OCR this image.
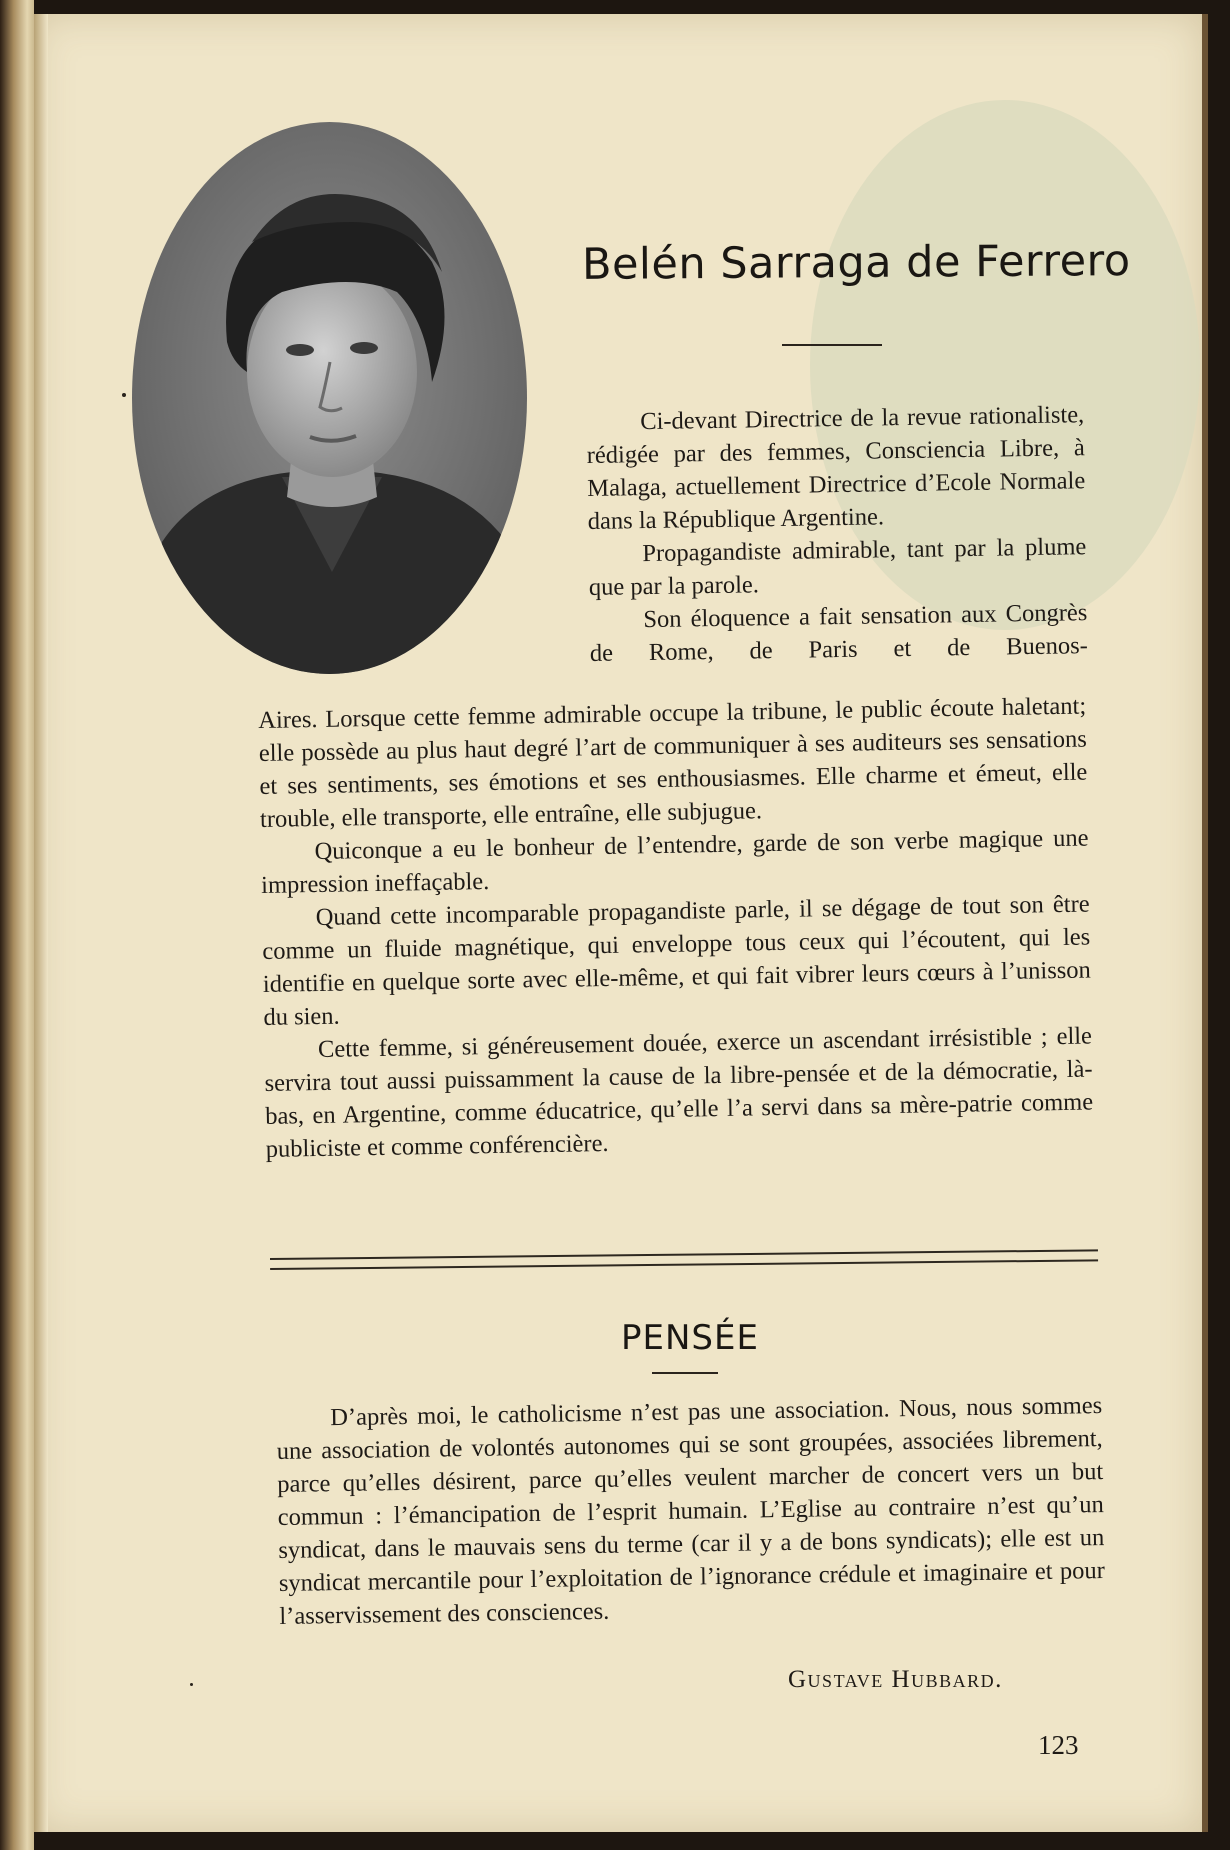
Belén Sarraga de Ferrero

Ci-devant Directrice de la revue rationaliste, rédigée par des femmes, Consciencia Libre, à Malaga, actuellement Directrice d’Ecole Normale dans la République Argentine.

Propagandiste admirable, tant par la plume que par la parole.

Son éloquence a fait sensation aux Congrès de Rome, de Paris et de Buenos-

Aires. Lorsque cette femme admirable occupe la tribune, le public écoute haletant; elle possède au plus haut degré l’art de communiquer à ses auditeurs ses sensations et ses sentiments, ses émotions et ses enthousiasmes. Elle charme et émeut, elle trouble, elle transporte, elle entraîne, elle subjugue.

Quiconque a eu le bonheur de l’entendre, garde de son verbe magique une impression ineffaçable.

Quand cette incomparable propagandiste parle, il se dégage de tout son être comme un fluide magnétique, qui enveloppe tous ceux qui l’écoutent, qui les identifie en quelque sorte avec elle-même, et qui fait vibrer leurs cœurs à l’unisson du sien.

Cette femme, si généreusement douée, exerce un ascendant irrésistible ; elle servira tout aussi puissamment la cause de la libre-pensée et de la démocratie, là-bas, en Argentine, comme éducatrice, qu’elle l’a servi dans sa mère-patrie comme publiciste et comme conférencière.

PENSÉE

D’après moi, le catholicisme n’est pas une association. Nous, nous sommes une association de volontés autonomes qui se sont groupées, associées librement, parce qu’elles désirent, parce qu’elles veulent marcher de concert vers un but commun : l’émancipation de l’esprit humain. L’Eglise au contraire n’est qu’un syndicat, dans le mauvais sens du terme (car il y a de bons syndicats); elle est un syndicat mercantile pour l’exploitation de l’ignorance crédule et imaginaire et pour l’asservissement des consciences.

Gustave Hubbard.
123
